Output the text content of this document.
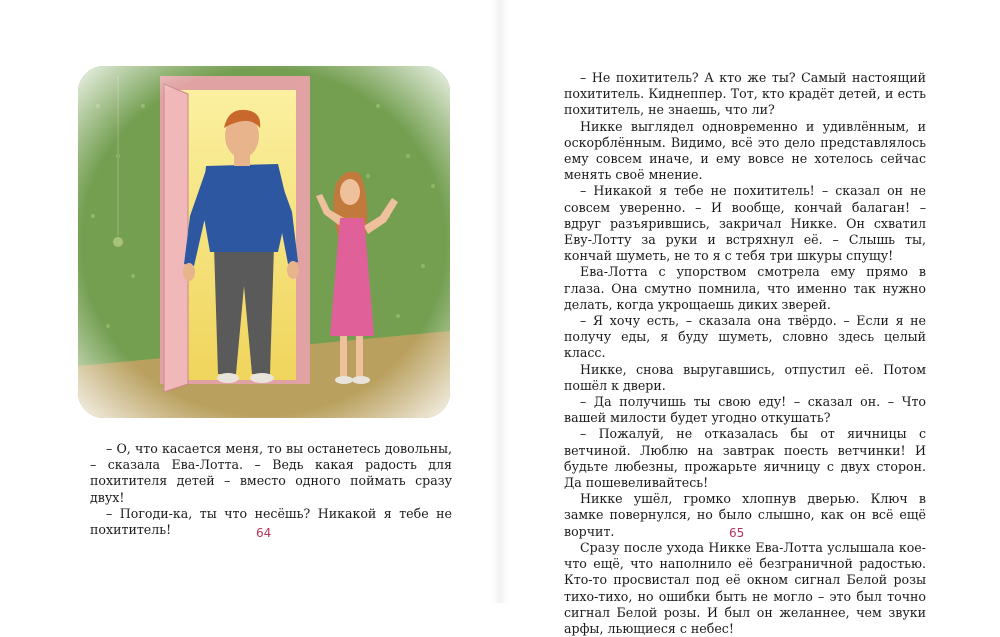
– О, что касается меня, то вы останетесь довольны, – сказала Ева-Лотта. – Ведь какая радость для похитителя детей – вместо одного поймать сразу двух!

– Погоди-ка, ты что несёшь? Никакой я тебе не похититель!	64

– Не похититель? А кто же ты? Самый настоящий похититель. Киднеппер. Тот, кто крадёт детей, и есть похититель, не знаешь, что ли?

Никке выглядел одновременно и удивлённым, и оскорблённым. Видимо, всё это дело представлялось ему совсем иначе, и ему вовсе не хотелось сейчас менять своё мнение.

– Никакой я тебе не похититель! – сказал он не совсем уверенно. – И вообще, кончай балаган! – вдруг разъярившись, закричал Никке. Он схватил Еву-Лотту за руки и встряхнул её. – Слышь ты, кончай шуметь, не то я с тебя три шкуры спущу!

Ева-Лотта с упорством смотрела ему прямо в глаза. Она смутно помнила, что именно так нужно делать, когда укрощаешь диких зверей.

– Я хочу есть, – сказала она твёрдо. – Если я не получу еды, я буду шуметь, словно здесь целый класс.

Никке, снова выругавшись, отпустил её. Потом пошёл к двери.

– Да получишь ты свою еду! – сказал он. – Что вашей милости будет угодно откушать?

– Пожалуй, не отказалась бы от яичницы с ветчиной. Люблю на завтрак поесть ветчинки! И будьте любезны, прожарьте яичницу с двух сторон. Да пошевеливайтесь!

Никке ушёл, громко хлопнув дверью. Ключ в замке повернулся, но было слышно, как он всё ещё ворчит.

Сразу после ухода Никке Ева-Лотта услышала кое-что ещё, что наполнило её безграничной радостью. Кто-то просвистал под её окном сигнал Белой розы тихо-тихо, но ошибки быть не могло – это был точно сигнал Белой розы. И был он желаннее, чем звуки арфы, льющиеся с небес!

65
